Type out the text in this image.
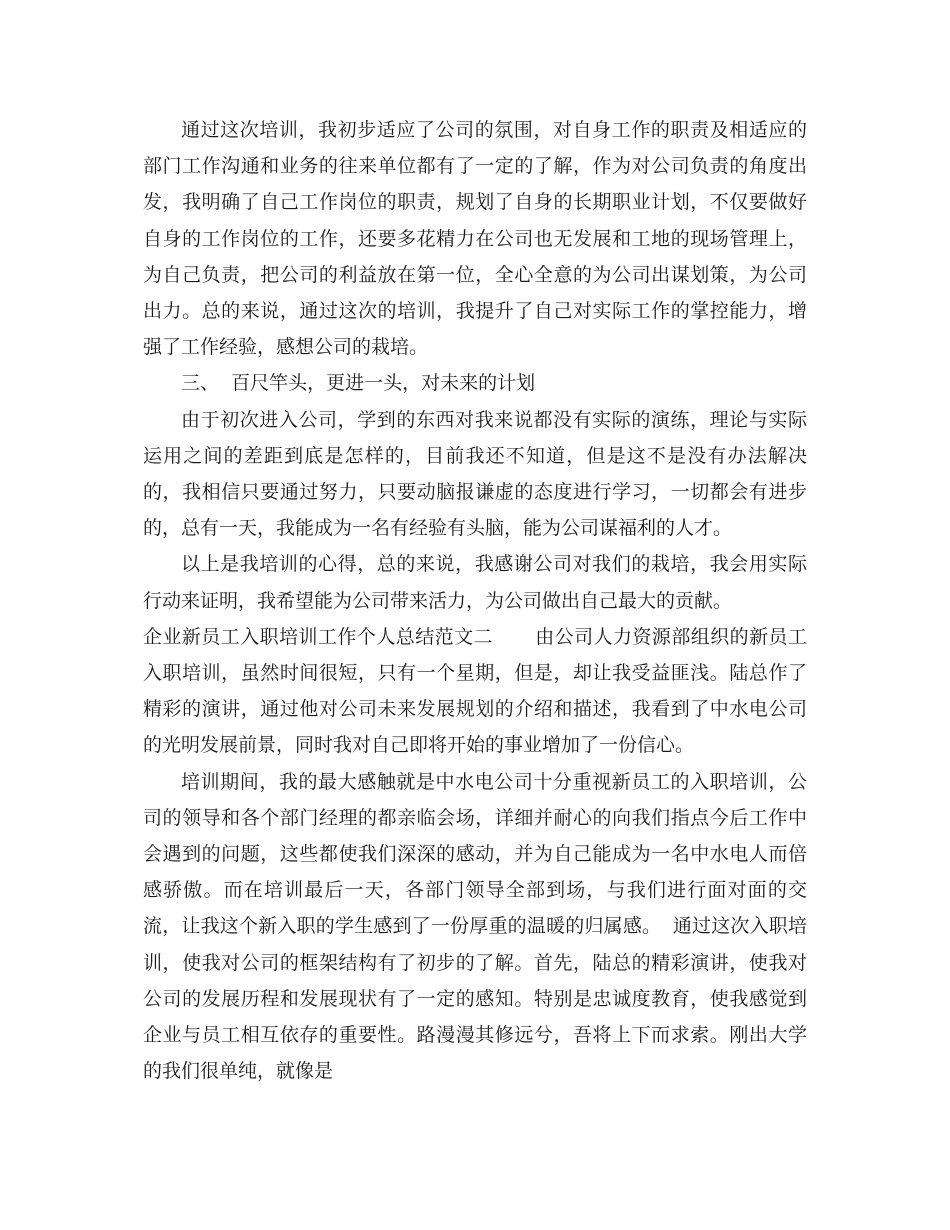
通过这次培训，我初步适应了公司的氛围，对自身工作的职责及相适应的部门工作沟通和业务的往来单位都有了一定的了解，作为对公司负责的角度出发，我明确了自己工作岗位的职责，规划了自身的长期职业计划，不仅要做好自身的工作岗位的工作，还要多花精力在公司也无发展和工地的现场管理上，为自己负责，把公司的利益放在第一位，全心全意的为公司出谋划策，为公司出力。总的来说，通过这次的培训，我提升了自己对实际工作的掌控能力，增强了工作经验，感想公司的栽培。

三、  百尺竿头，更进一头，对未来的计划

由于初次进入公司，学到的东西对我来说都没有实际的演练，理论与实际运用之间的差距到底是怎样的，目前我还不知道，但是这不是没有办法解决的，我相信只要通过努力，只要动脑报谦虚的态度进行学习，一切都会有进步的，总有一天，我能成为一名有经验有头脑，能为公司谋福利的人才。

以上是我培训的心得，总的来说，我感谢公司对我们的栽培，我会用实际行动来证明，我希望能为公司带来活力，为公司做出自己最大的贡献。

企业新员工入职培训工作个人总结范文二 由公司人力资源部组织的新员工入职培训，虽然时间很短，只有一个星期，但是，却让我受益匪浅。陆总作了精彩的演讲，通过他对公司未来发展规划的介绍和描述，我看到了中水电公司的光明发展前景，同时我对自己即将开始的事业增加了一份信心。

培训期间，我的最大感触就是中水电公司十分重视新员工的入职培训，公司的领导和各个部门经理的都亲临会场，详细并耐心的向我们指点今后工作中会遇到的问题，这些都使我们深深的感动，并为自己能成为一名中水电人而倍感骄傲。而在培训最后一天，各部门领导全部到场，与我们进行面对面的交流，让我这个新入职的学生感到了一份厚重的温暖的归属感。 通过这次入职培训，使我对公司的框架结构有了初步的了解。首先，陆总的精彩演讲，使我对公司的发展历程和发展现状有了一定的感知。特别是忠诚度教育，使我感觉到企业与员工相互依存的重要性。路漫漫其修远兮，吾将上下而求索。刚出大学的我们很单纯，就像是
